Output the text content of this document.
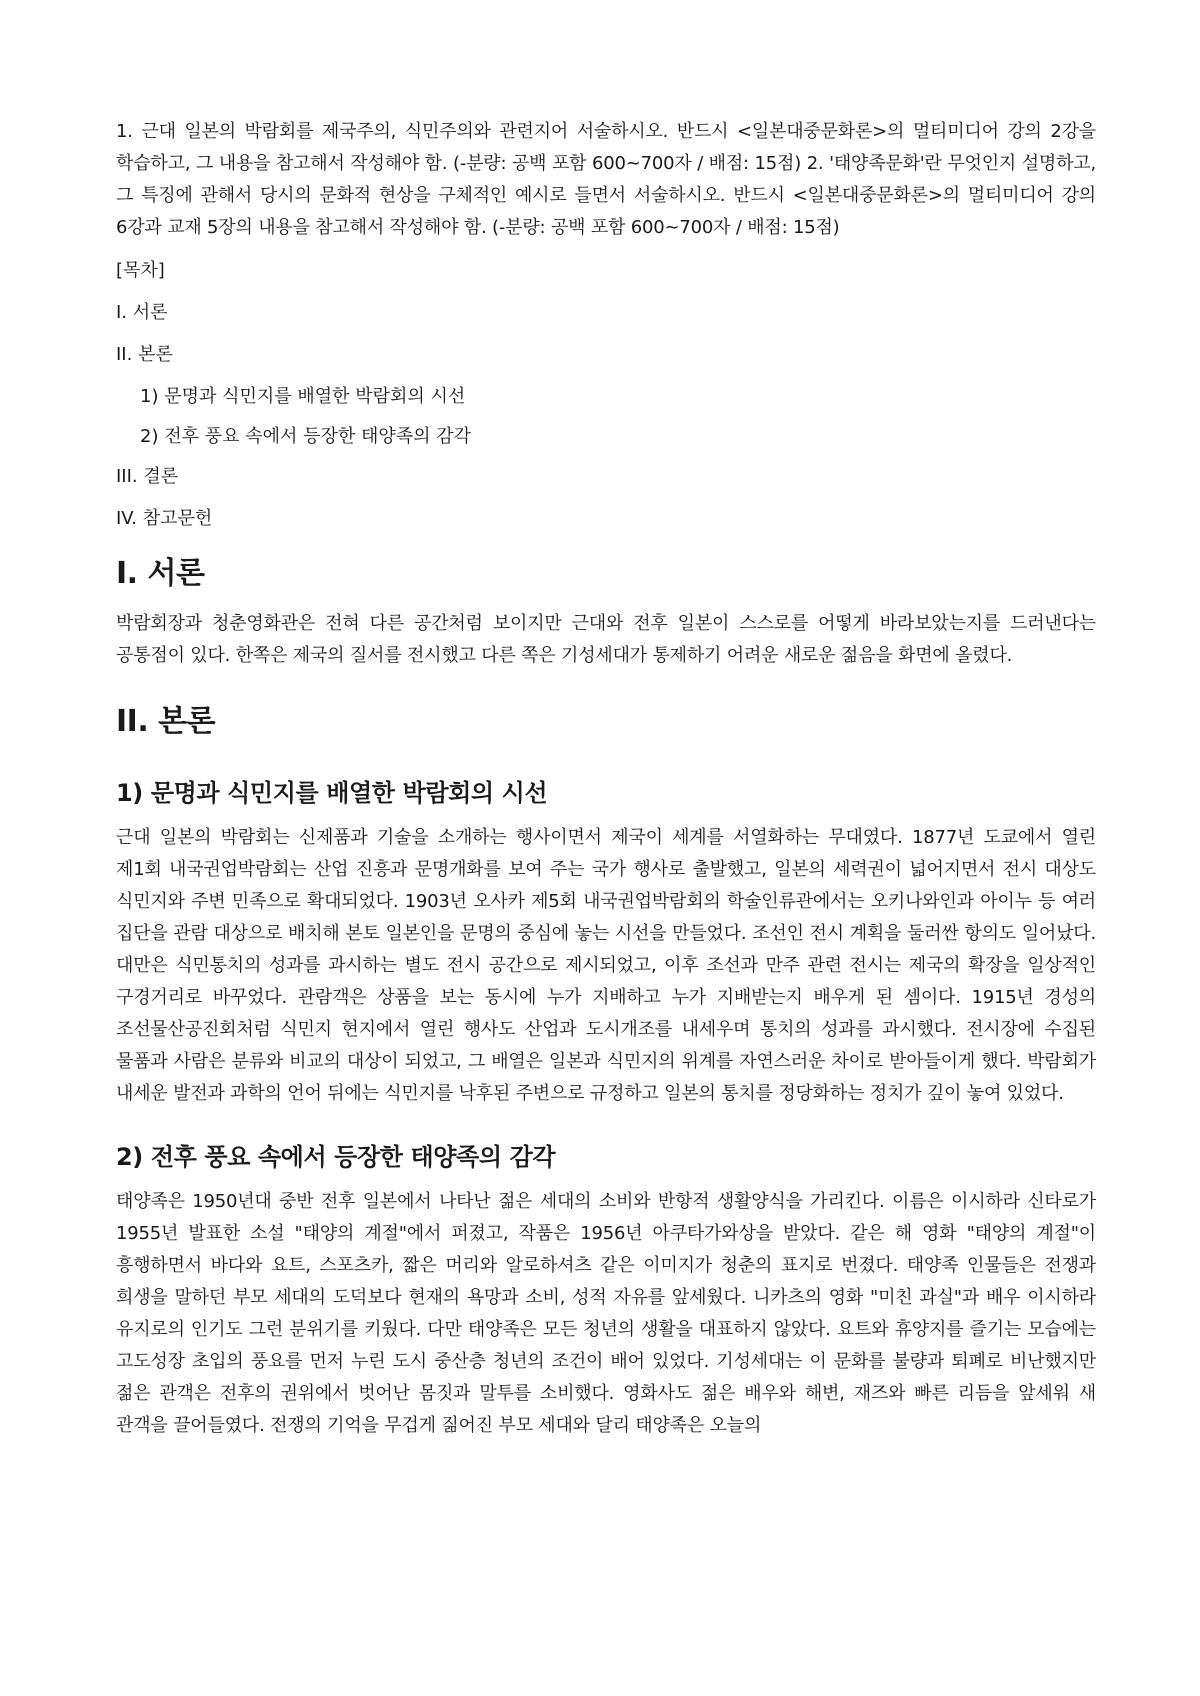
1. 근대 일본의 박람회를 제국주의, 식민주의와 관련지어 서술하시오. 반드시 <일본대중문화론>의 멀티미디어 강의 2강을 학습하고, 그 내용을 참고해서 작성해야 함. (-분량: 공백 포함 600~700자 / 배점: 15점) 2. '태양족문화'란 무엇인지 설명하고, 그 특징에 관해서 당시의 문화적 현상을 구체적인 예시로 들면서 서술하시오. 반드시 <일본대중문화론>의 멀티미디어 강의 6강과 교재 5장의 내용을 참고해서 작성해야 함. (-분량: 공백 포함 600~700자 / 배점: 15점)

[목차]

I. 서론
II. 본론
1) 문명과 식민지를 배열한 박람회의 시선
2) 전후 풍요 속에서 등장한 태양족의 감각
III. 결론
IV. 참고문헌
I. 서론

박람회장과 청춘영화관은 전혀 다른 공간처럼 보이지만 근대와 전후 일본이 스스로를 어떻게 바라보았는지를 드러낸다는 공통점이 있다. 한쪽은 제국의 질서를 전시했고 다른 쪽은 기성세대가 통제하기 어려운 새로운 젊음을 화면에 올렸다.

II. 본론
1) 문명과 식민지를 배열한 박람회의 시선

근대 일본의 박람회는 신제품과 기술을 소개하는 행사이면서 제국이 세계를 서열화하는 무대였다. 1877년 도쿄에서 열린 제1회 내국권업박람회는 산업 진흥과 문명개화를 보여 주는 국가 행사로 출발했고, 일본의 세력권이 넓어지면서 전시 대상도 식민지와 주변 민족으로 확대되었다. 1903년 오사카 제5회 내국권업박람회의 학술인류관에서는 오키나와인과 아이누 등 여러 집단을 관람 대상으로 배치해 본토 일본인을 문명의 중심에 놓는 시선을 만들었다. 조선인 전시 계획을 둘러싼 항의도 일어났다. 대만은 식민통치의 성과를 과시하는 별도 전시 공간으로 제시되었고, 이후 조선과 만주 관련 전시는 제국의 확장을 일상적인 구경거리로 바꾸었다. 관람객은 상품을 보는 동시에 누가 지배하고 누가 지배받는지 배우게 된 셈이다. 1915년 경성의 조선물산공진회처럼 식민지 현지에서 열린 행사도 산업과 도시개조를 내세우며 통치의 성과를 과시했다. 전시장에 수집된 물품과 사람은 분류와 비교의 대상이 되었고, 그 배열은 일본과 식민지의 위계를 자연스러운 차이로 받아들이게 했다. 박람회가 내세운 발전과 과학의 언어 뒤에는 식민지를 낙후된 주변으로 규정하고 일본의 통치를 정당화하는 정치가 깊이 놓여 있었다.

2) 전후 풍요 속에서 등장한 태양족의 감각

태양족은 1950년대 중반 전후 일본에서 나타난 젊은 세대의 소비와 반항적 생활양식을 가리킨다. 이름은 이시하라 신타로가 1955년 발표한 소설 "태양의 계절"에서 퍼졌고, 작품은 1956년 아쿠타가와상을 받았다. 같은 해 영화 "태양의 계절"이 흥행하면서 바다와 요트, 스포츠카, 짧은 머리와 알로하셔츠 같은 이미지가 청춘의 표지로 번졌다. 태양족 인물들은 전쟁과 희생을 말하던 부모 세대의 도덕보다 현재의 욕망과 소비, 성적 자유를 앞세웠다. 니카츠의 영화 "미친 과실"과 배우 이시하라 유지로의 인기도 그런 분위기를 키웠다. 다만 태양족은 모든 청년의 생활을 대표하지 않았다. 요트와 휴양지를 즐기는 모습에는 고도성장 초입의 풍요를 먼저 누린 도시 중산층 청년의 조건이 배어 있었다. 기성세대는 이 문화를 불량과 퇴폐로 비난했지만 젊은 관객은 전후의 권위에서 벗어난 몸짓과 말투를 소비했다. 영화사도 젊은 배우와 해변, 재즈와 빠른 리듬을 앞세워 새 관객을 끌어들였다. 전쟁의 기억을 무겁게 짊어진 부모 세대와 달리 태양족은 오늘의
